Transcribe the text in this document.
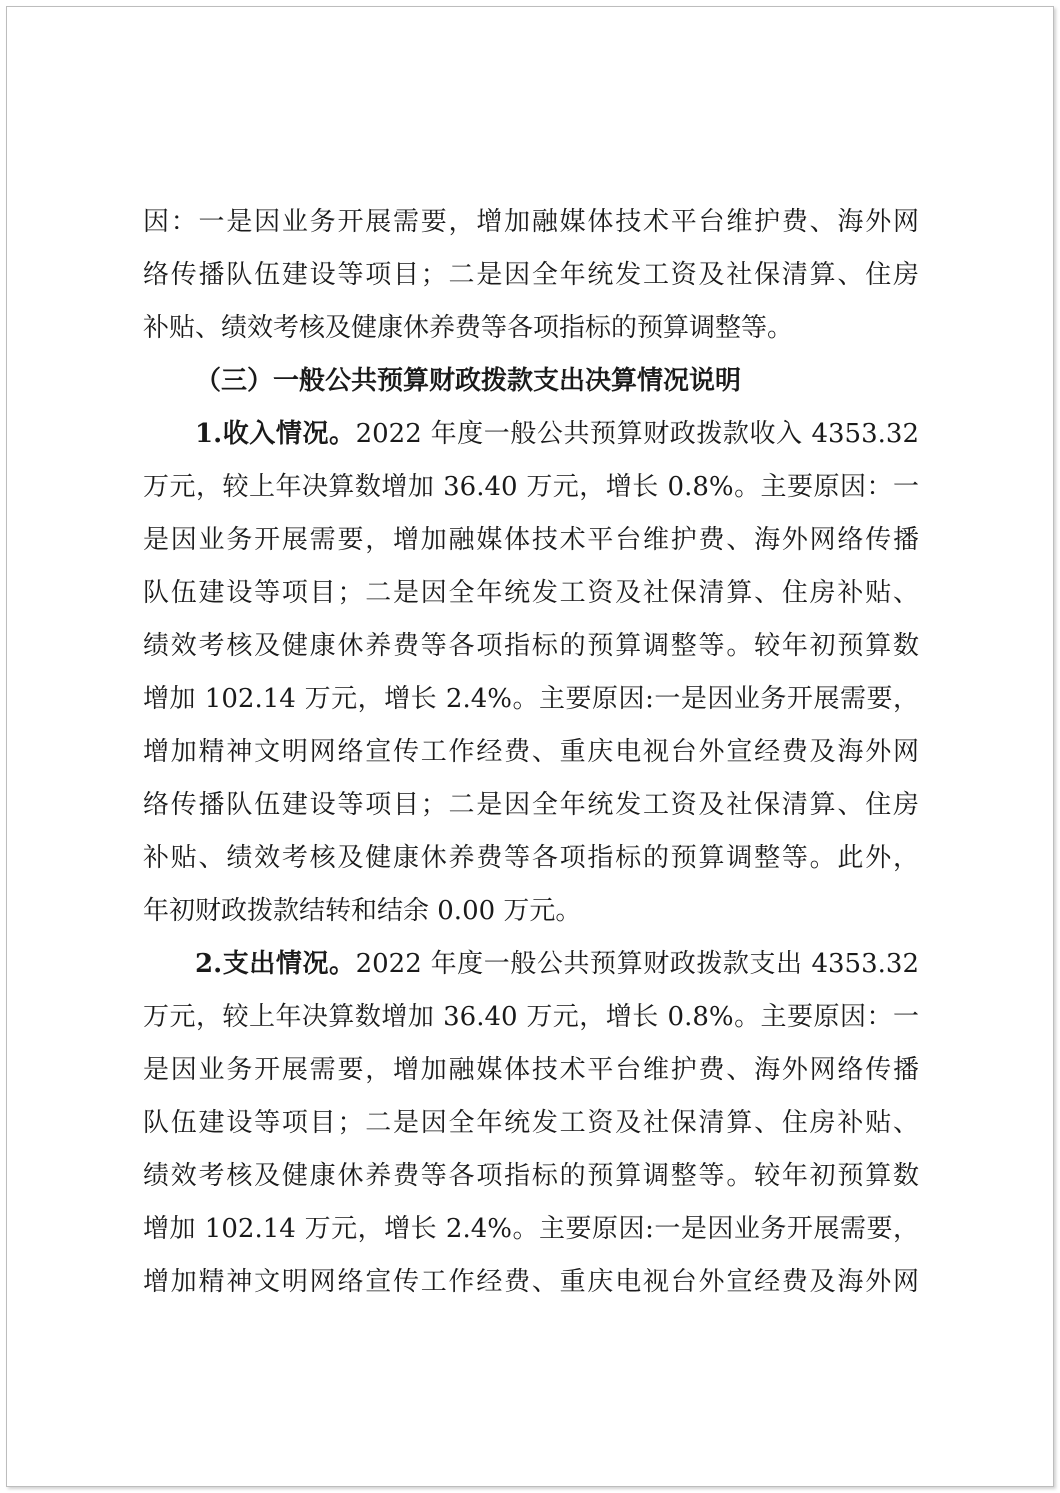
因：一是因业务开展需要，增加融媒体技术平台维护费、海外网
络传播队伍建设等项目；二是因全年统发工资及社保清算、住房
补贴、绩效考核及健康休养费等各项指标的预算调整等。
（三）一般公共预算财政拨款支出决算情况说明
1.收入情况。2022 年度一般公共预算财政拨款收入 4353.32
万元，较上年决算数增加 36.40 万元，增长 0.8%。主要原因：一
是因业务开展需要，增加融媒体技术平台维护费、海外网络传播
队伍建设等项目；二是因全年统发工资及社保清算、住房补贴、
绩效考核及健康休养费等各项指标的预算调整等。较年初预算数
增加 102.14 万元，增长 2.4%。主要原因:一是因业务开展需要，
增加精神文明网络宣传工作经费、重庆电视台外宣经费及海外网
络传播队伍建设等项目；二是因全年统发工资及社保清算、住房
补贴、绩效考核及健康休养费等各项指标的预算调整等。此外，
年初财政拨款结转和结余 0.00 万元。
2.支出情况。2022 年度一般公共预算财政拨款支出 4353.32
万元，较上年决算数增加 36.40 万元，增长 0.8%。主要原因：一
是因业务开展需要，增加融媒体技术平台维护费、海外网络传播
队伍建设等项目；二是因全年统发工资及社保清算、住房补贴、
绩效考核及健康休养费等各项指标的预算调整等。较年初预算数
增加 102.14 万元，增长 2.4%。主要原因:一是因业务开展需要，
增加精神文明网络宣传工作经费、重庆电视台外宣经费及海外网
